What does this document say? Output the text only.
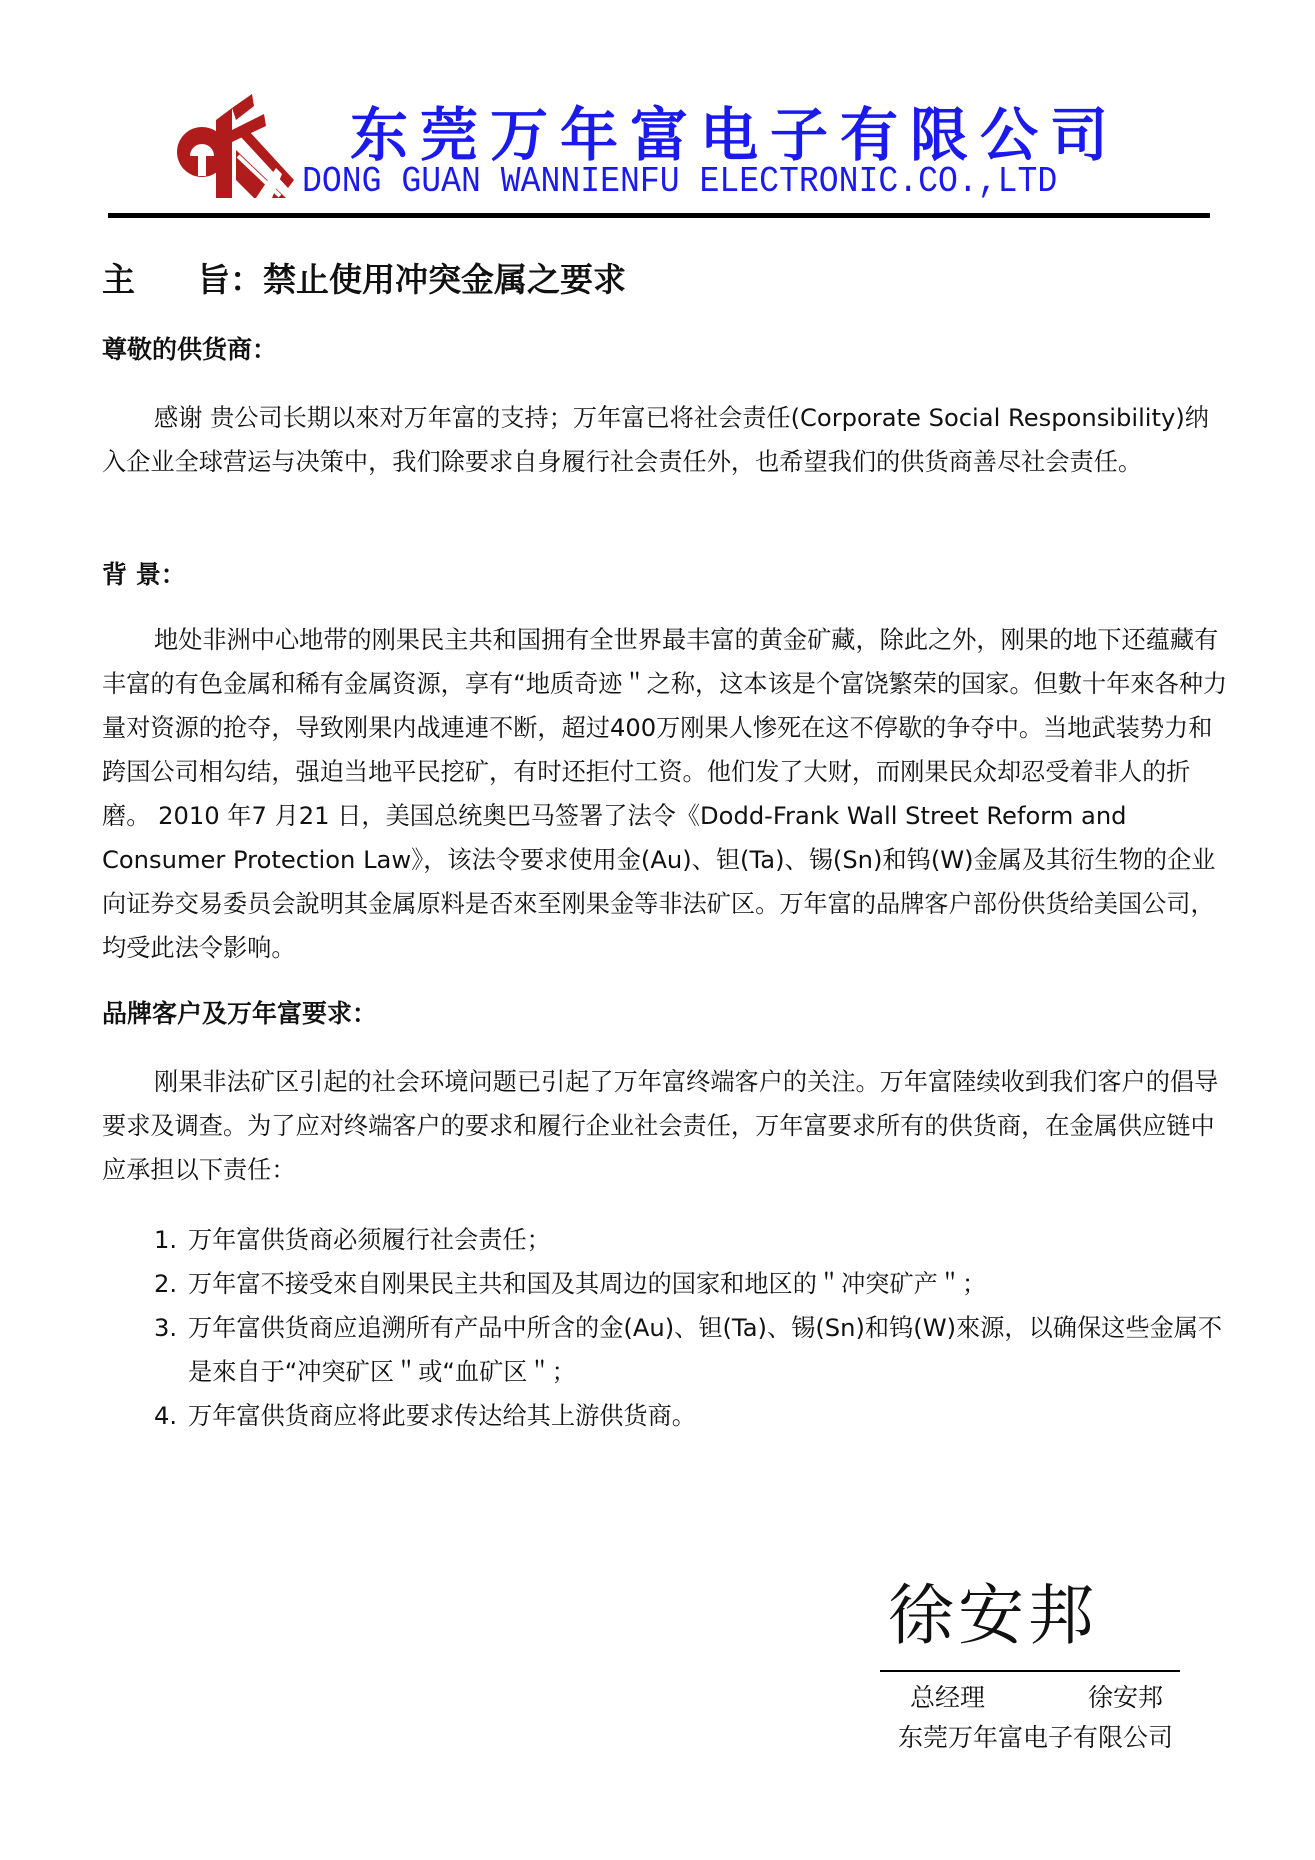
东莞万年富电子有限公司
DONG GUAN WANNIENFU ELECTRONIC.CO.,LTD
主 旨：禁止使用冲突金属之要求
尊敬的供货商：

感谢 贵公司长期以來对万年富的支持；万年富已将社会责任(Corporate Social Responsibility)纳入企业全球营运与决策中，我们除要求自身履行社会责任外，也希望我们的供货商善尽社会责任。

背 景：

地处非洲中心地带的刚果民主共和国拥有全世界最丰富的黄金矿藏，除此之外，刚果的地下还蕴藏有丰富的有色金属和稀有金属资源，享有“地质奇迹＂之称，这本该是个富饶繁荣的国家。但數十年來各种力量对资源的抢夺，导致刚果内战連連不断，超过400万刚果人惨死在这不停歇的争夺中。当地武装势力和跨国公司相勾结，强迫当地平民挖矿，有时还拒付工资。他们发了大财，而刚果民众却忍受着非人的折磨。 2010 年7 月21 日，美国总统奥巴马签署了法令《Dodd-Frank Wall Street Reform and Consumer Protection Law》，该法令要求使用金(Au)、钽(Ta)、锡(Sn)和钨(W)金属及其衍生物的企业向证券交易委员会說明其金属原料是否來至刚果金等非法矿区。万年富的品牌客户部份供货给美国公司，均受此法令影响。

品牌客户及万年富要求：

刚果非法矿区引起的社会环境问题已引起了万年富终端客户的关注。万年富陸续收到我们客户的倡导要求及调查。为了应对终端客户的要求和履行企业社会责任，万年富要求所有的供货商，在金属供应链中应承担以下责任：

1. 万年富供货商必须履行社会责任；
2. 万年富不接受來自刚果民主共和国及其周边的国家和地区的＂冲突矿产＂；
3. 万年富供货商应追溯所有产品中所含的金(Au)、钽(Ta)、锡(Sn)和钨(W)來源，以确保这些金属不是來自于“冲突矿区＂或“血矿区＂；
4. 万年富供货商应将此要求传达给其上游供货商。
徐安邦
总经理	徐安邦
东莞万年富电子有限公司
